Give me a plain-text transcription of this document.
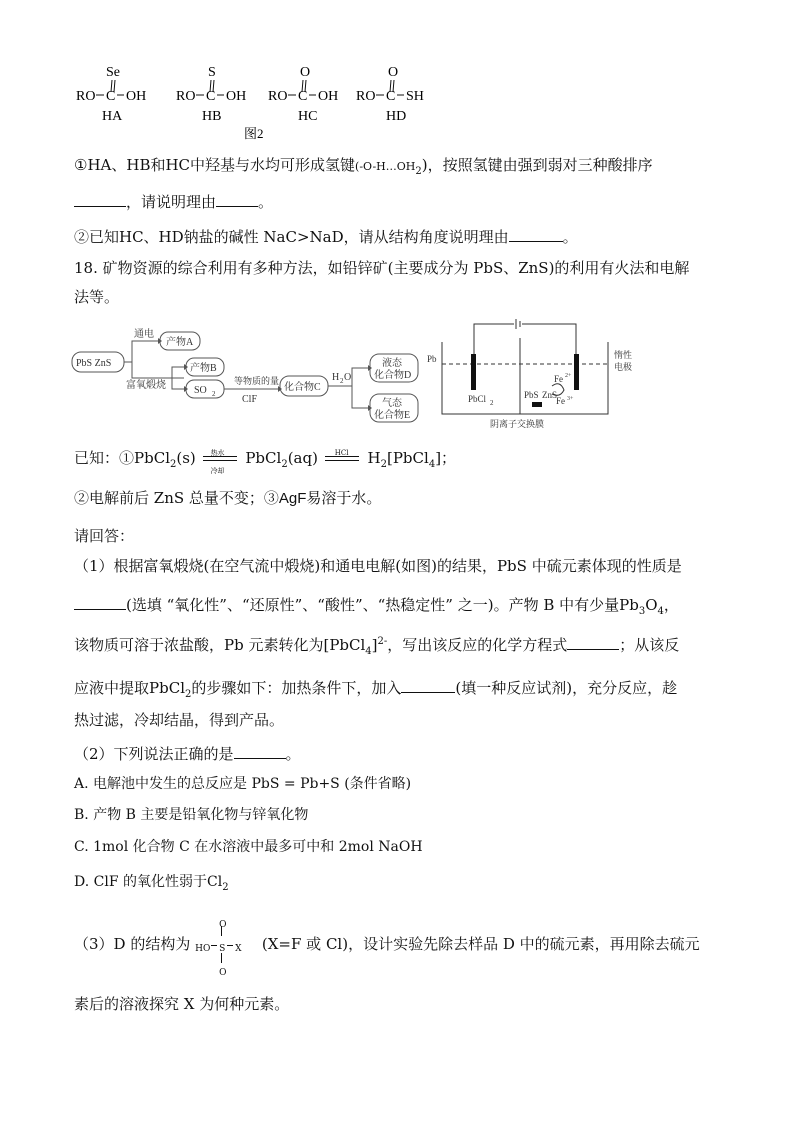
Se
RO C OH
HA
S
RO C OH
HB
O
RO C OH
HC
O
RO C SH
HD
图2
①HA、HB和HC中羟基与水均可形成氢键$(-O-H\dots OH_2)$，按照氢键由强到弱对三种酸排序
，请说明理由	。
②已知HC、HD钠盐的碱性 NaC>NaD，请从结构角度说明理由	。
18. 矿物资源的综合利用有多种方法，如铅锌矿(主要成分为 PbS、ZnS)的利用有火法和电解
法等。
PbS ZnS
通电
产物A
富氧煅烧
产物B
SO 2
等物质的量
ClF
化合物C
H 2 O
液态
化合物D
气态
化合物E
Pb	惰性
电极
PbCl 2
PbS ZnS
Fe 2+
Fe 3+
阴离子交换膜
已知：①PbCl$_2$(s) 热水
冷却
PbCl$_2$(aq) HCl $H_2[PbCl_4]$；
②电解前后 ZnS 总量不变；③AgF易溶于水。
请回答：
（1）根据富氧煅烧(在空气流中煅烧)和通电电解(如图)的结果，PbS 中硫元素体现的性质是
(选填 “氧化性”、“还原性”、“酸性”、“热稳定性” 之一)。产物 B 中有少量$Pb_3O_4$，
该物质可溶于浓盐酸，Pb 元素转化为[PbCl$_4$]$^{2-}$，写出该反应的化学方程式	；从该反
应液中提取PbCl$_2$的步骤如下：加热条件下，加入	(填一种反应试剂)，充分反应，趁
热过滤，冷却结晶，得到产品。
（2）下列说法正确的是	。
A. 电解池中发生的总反应是 PbS = Pb+S (条件省略)
B. 产物 B 主要是铅氧化物与锌氧化物
C. 1mol 化合物 C 在水溶液中最多可中和 2mol NaOH
D. ClF 的氧化性弱于$Cl_2$
（3）D 的结构为
O
HO S X
O
(X=F 或 Cl)，设计实验先除去样品 D 中的硫元素，再用除去硫元
素后的溶液探究 X 为何种元素。
